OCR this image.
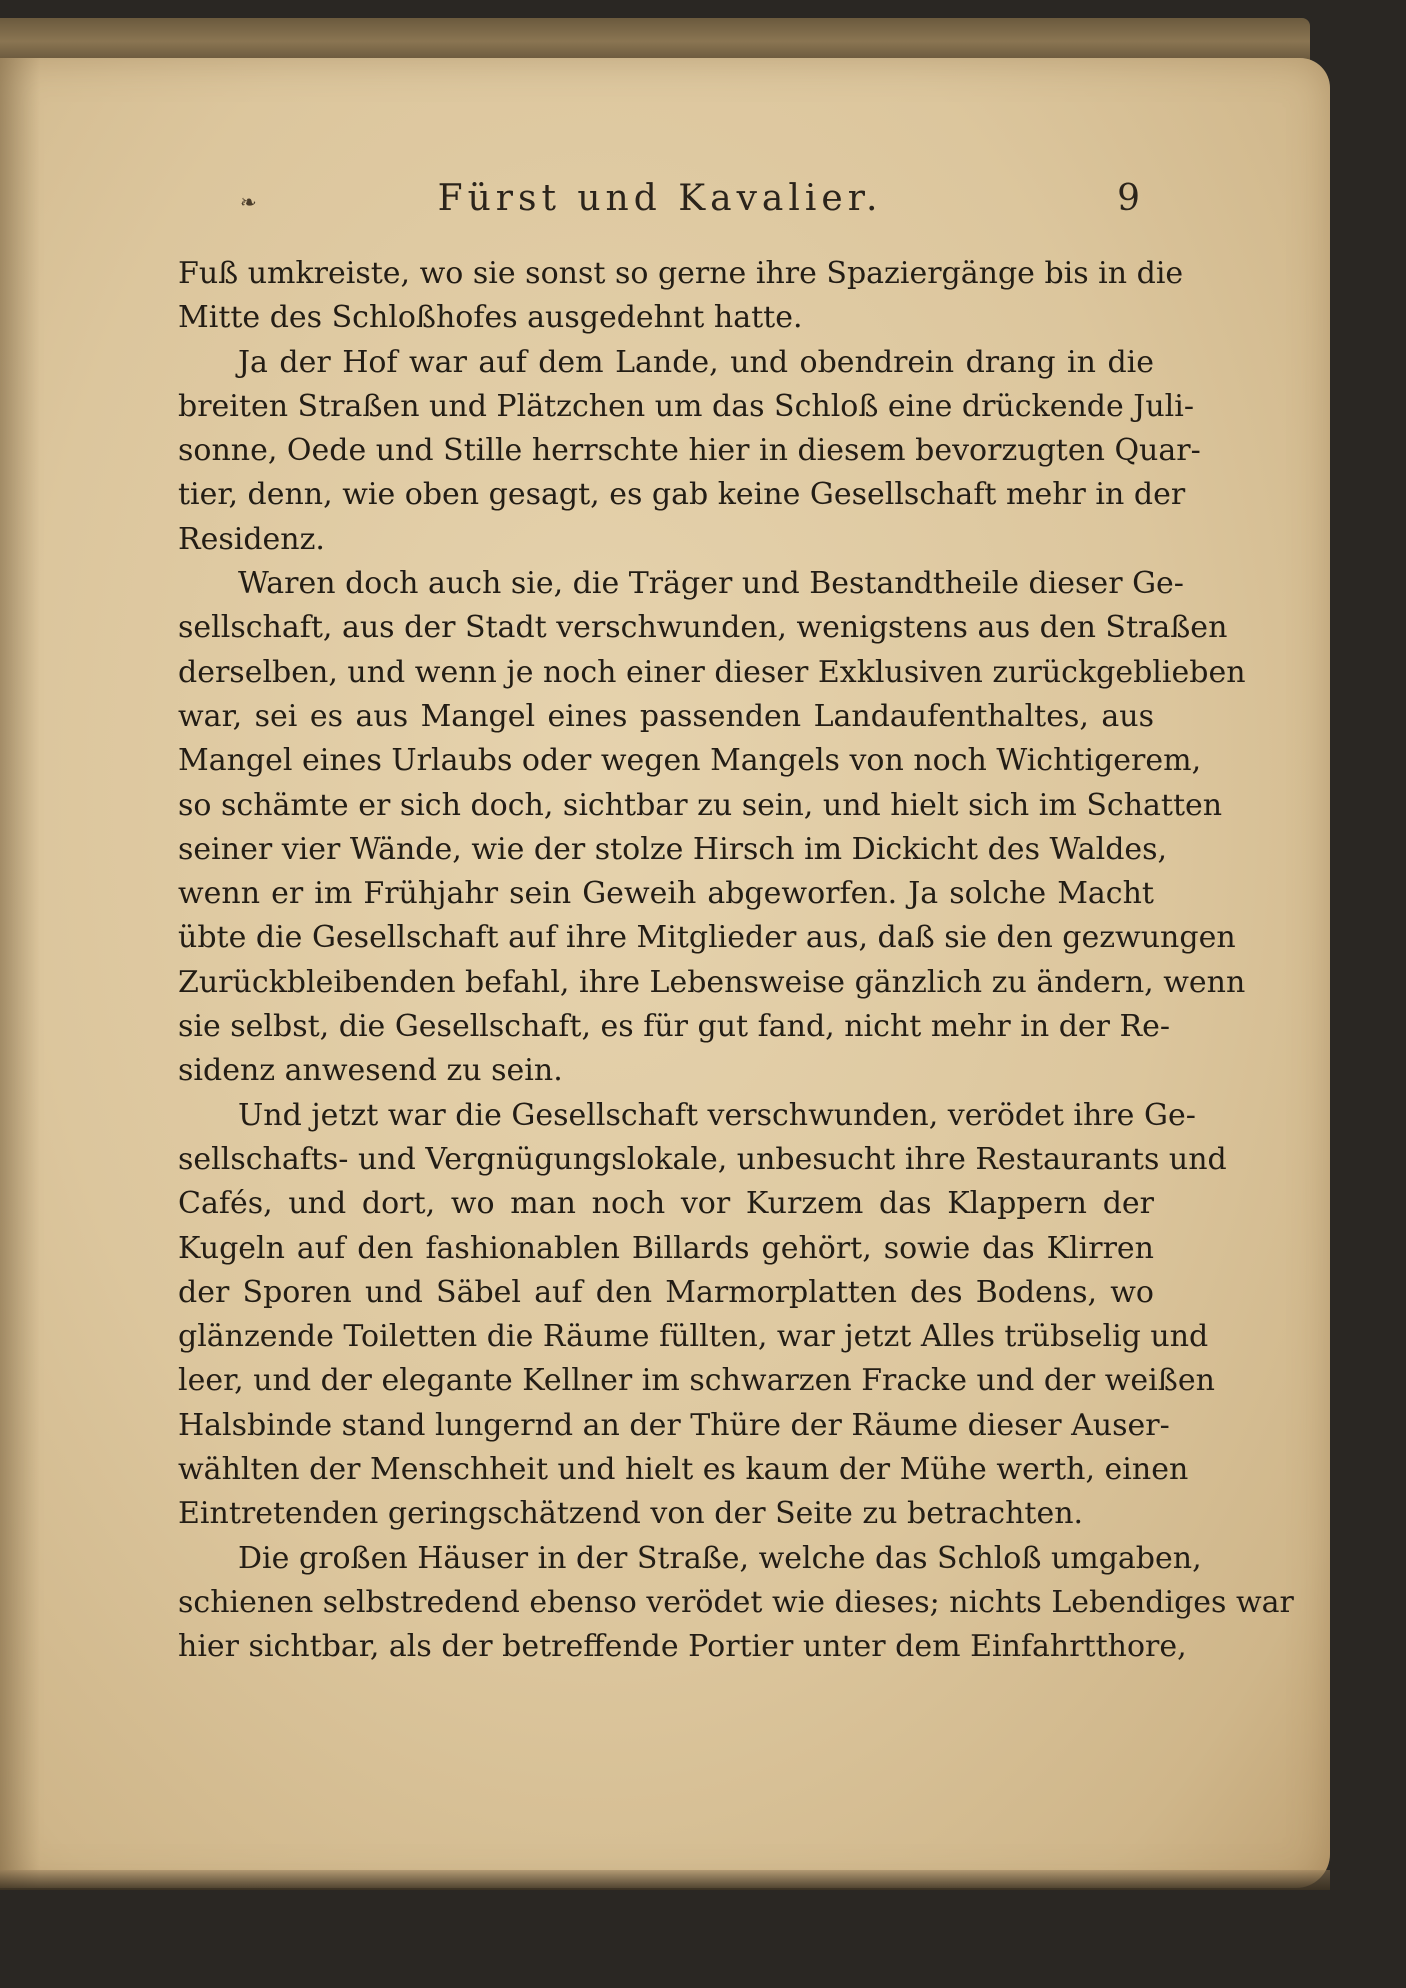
❧	Fürst und Kavalier.	9
Fuß umkreiste, wo sie sonst so gerne ihre Spaziergänge bis in die
Mitte des Schloßhofes ausgedehnt hatte.
Ja der Hof war auf dem Lande, und obendrein drang in die
breiten Straßen und Plätzchen um das Schloß eine drückende Juli-
sonne, Oede und Stille herrschte hier in diesem bevorzugten Quar-
tier, denn, wie oben gesagt, es gab keine Gesellschaft mehr in der
Residenz.
Waren doch auch sie, die Träger und Bestandtheile dieser Ge-
sellschaft, aus der Stadt verschwunden, wenigstens aus den Straßen
derselben, und wenn je noch einer dieser Exklusiven zurückgeblieben
war, sei es aus Mangel eines passenden Landaufenthaltes, aus
Mangel eines Urlaubs oder wegen Mangels von noch Wichtigerem,
so schämte er sich doch, sichtbar zu sein, und hielt sich im Schatten
seiner vier Wände, wie der stolze Hirsch im Dickicht des Waldes,
wenn er im Frühjahr sein Geweih abgeworfen. Ja solche Macht
übte die Gesellschaft auf ihre Mitglieder aus, daß sie den gezwungen
Zurückbleibenden befahl, ihre Lebensweise gänzlich zu ändern, wenn
sie selbst, die Gesellschaft, es für gut fand, nicht mehr in der Re-
sidenz anwesend zu sein.
Und jetzt war die Gesellschaft verschwunden, verödet ihre Ge-
sellschafts- und Vergnügungslokale, unbesucht ihre Restaurants und
Cafés, und dort, wo man noch vor Kurzem das Klappern der
Kugeln auf den fashionablen Billards gehört, sowie das Klirren
der Sporen und Säbel auf den Marmorplatten des Bodens, wo
glänzende Toiletten die Räume füllten, war jetzt Alles trübselig und
leer, und der elegante Kellner im schwarzen Fracke und der weißen
Halsbinde stand lungernd an der Thüre der Räume dieser Auser-
wählten der Menschheit und hielt es kaum der Mühe werth, einen
Eintretenden geringschätzend von der Seite zu betrachten.
Die großen Häuser in der Straße, welche das Schloß umgaben,
schienen selbstredend ebenso verödet wie dieses; nichts Lebendiges war
hier sichtbar, als der betreffende Portier unter dem Einfahrtthore,
